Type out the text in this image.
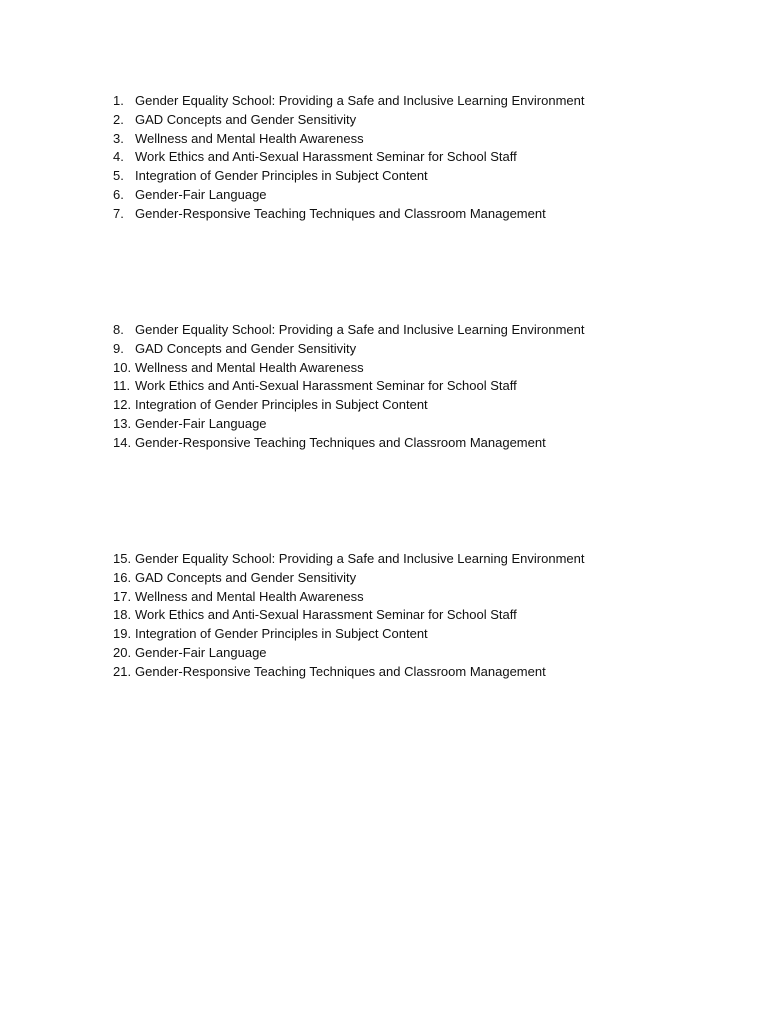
1. Gender Equality School: Providing a Safe and Inclusive Learning Environment
2. GAD Concepts and Gender Sensitivity
3. Wellness and Mental Health Awareness
4. Work Ethics and Anti-Sexual Harassment Seminar for School Staff
5. Integration of Gender Principles in Subject Content
6. Gender-Fair Language
7. Gender-Responsive Teaching Techniques and Classroom Management
8. Gender Equality School: Providing a Safe and Inclusive Learning Environment
9. GAD Concepts and Gender Sensitivity
10. Wellness and Mental Health Awareness
11. Work Ethics and Anti-Sexual Harassment Seminar for School Staff
12. Integration of Gender Principles in Subject Content
13. Gender-Fair Language
14. Gender-Responsive Teaching Techniques and Classroom Management
15. Gender Equality School: Providing a Safe and Inclusive Learning Environment
16. GAD Concepts and Gender Sensitivity
17. Wellness and Mental Health Awareness
18. Work Ethics and Anti-Sexual Harassment Seminar for School Staff
19. Integration of Gender Principles in Subject Content
20. Gender-Fair Language
21. Gender-Responsive Teaching Techniques and Classroom Management
